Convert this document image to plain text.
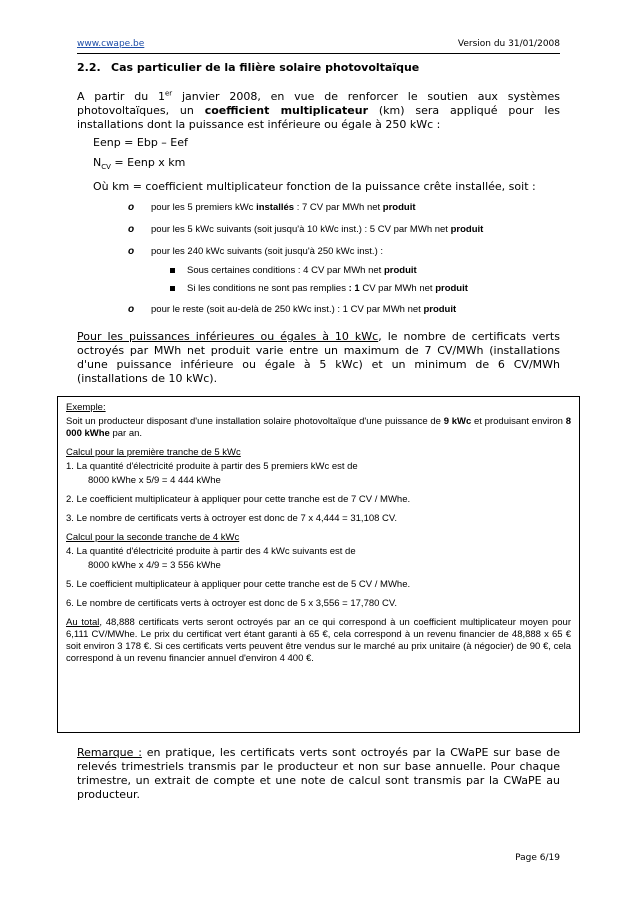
www.cwape.be	Version du 31/01/2008
2.2. Cas particulier de la filière solaire photovoltaïque

A partir du 1er janvier 2008, en vue de renforcer le soutien aux systèmes photovoltaïques, un coefficient multiplicateur (km) sera appliqué pour les installations dont la puissance est inférieure ou égale à 250 kWc :

Eenp = Ebp – Eef
$N_{CV}$ = Eenp x km
Où km = coefficient multiplicateur fonction de la puissance crête installée, soit :
o pour les 5 premiers kWc installés : 7 CV par MWh net produit
o pour les 5 kWc suivants (soit jusqu'à 10 kWc inst.) : 5 CV par MWh net produit
o pour les 240 kWc suivants (soit jusqu'à 250 kWc inst.) :
Sous certaines conditions : 4 CV par MWh net produit
Si les conditions ne sont pas remplies : 1 CV par MWh net produit
o pour le reste (soit au-delà de 250 kWc inst.) : 1 CV par MWh net produit

Pour les puissances inférieures ou égales à 10 kWc, le nombre de certificats verts octroyés par MWh net produit varie entre un maximum de 7 CV/MWh (installations d'une puissance inférieure ou égale à 5 kWc) et un minimum de 6 CV/MWh (installations de 10 kWc).

Exemple:

Soit un producteur disposant d'une installation solaire photovoltaïque d'une puissance de 9 kWc et produisant environ 8 000 kWhe par an.

Calcul pour la première tranche de 5 kWc

1. La quantité d'électricité produite à partir des 5 premiers kWc est de

8000 kWhe x 5/9 = 4 444 kWhe

2. Le coefficient multiplicateur à appliquer pour cette tranche est de 7 CV / MWhe.

3. Le nombre de certificats verts à octroyer est donc de 7 x 4,444 = 31,108 CV.

Calcul pour la seconde tranche de 4 kWc

4. La quantité d'électricité produite à partir des 4 kWc suivants est de

8000 kWhe x 4/9 = 3 556 kWhe

5. Le coefficient multiplicateur à appliquer pour cette tranche est de 5 CV / MWhe.

6. Le nombre de certificats verts à octroyer est donc de 5 x 3,556 = 17,780 CV.

Au total, 48,888 certificats verts seront octroyés par an ce qui correspond à un coefficient multiplicateur moyen pour 6,111 CV/MWhe. Le prix du certificat vert étant garanti à 65 €, cela correspond à un revenu financier de 48,888 x 65 € soit environ 3 178 €. Si ces certificats verts peuvent être vendus sur le marché au prix unitaire (à négocier) de 90 €, cela correspond à un revenu financier annuel d'environ 4 400 €.

Remarque : en pratique, les certificats verts sont octroyés par la CWaPE sur base de relevés trimestriels transmis par le producteur et non sur base annuelle. Pour chaque trimestre, un extrait de compte et une note de calcul sont transmis par la CWaPE au producteur.

Page 6/19
